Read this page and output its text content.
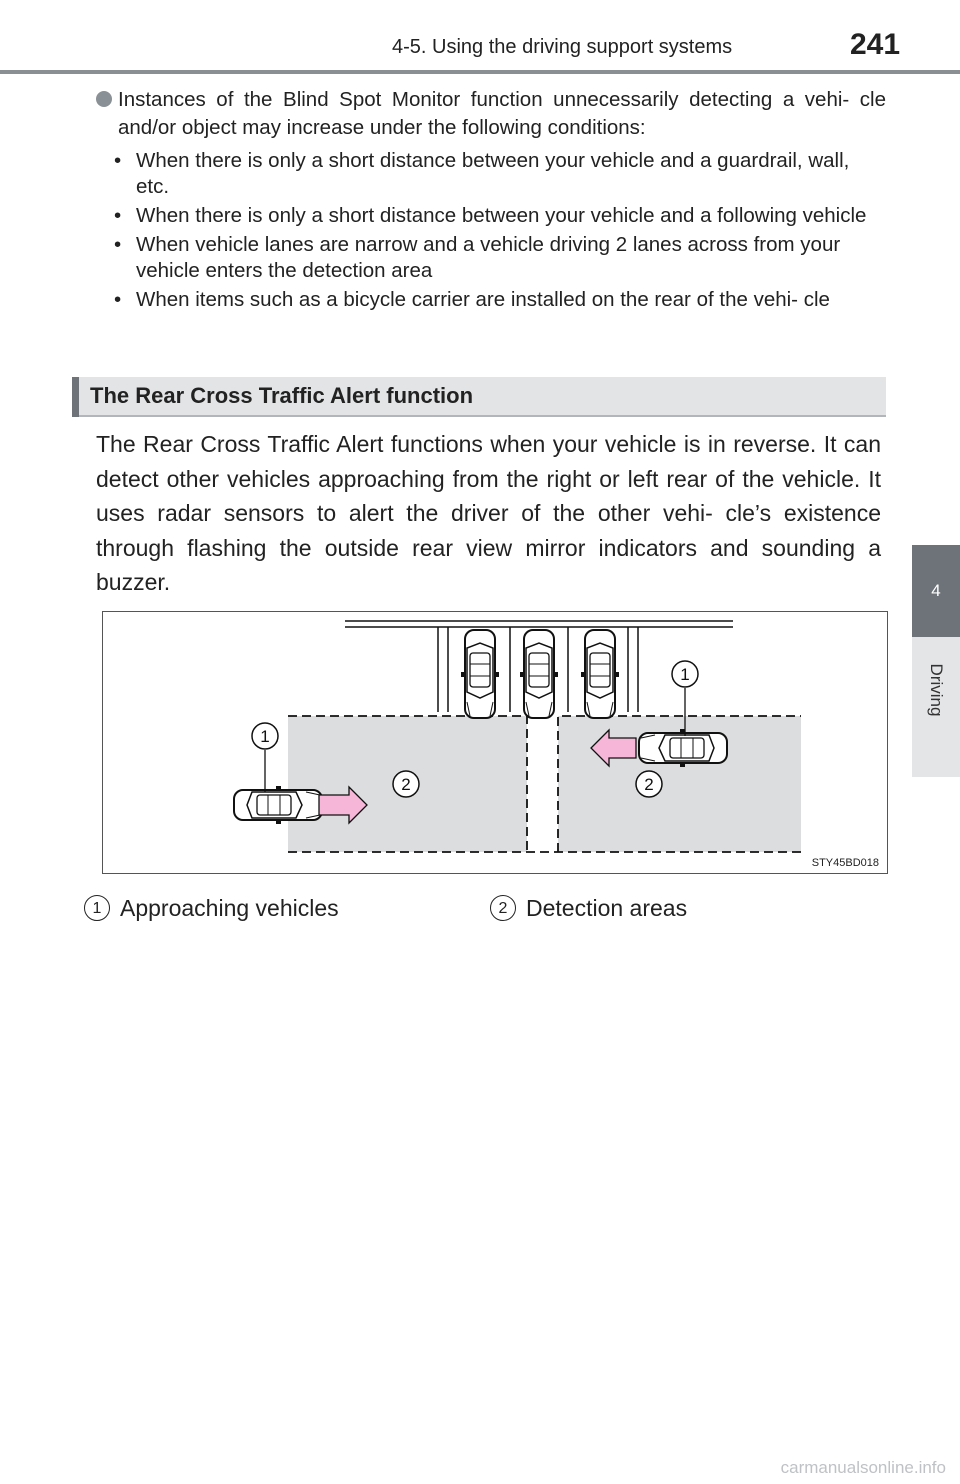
4-5. Using the driving support systems	241
4
Driving
Instances of the Blind Spot Monitor function unnecessarily detecting a vehi- cle and/or object may increase under the following conditions:
• When there is only a short distance between your vehicle and a guardrail, wall, etc.
• When there is only a short distance between your vehicle and a following vehicle
• When vehicle lanes are narrow and a vehicle driving 2 lanes across from your vehicle enters the detection area
• When items such as a bicycle carrier are installed on the rear of the vehi- cle
The Rear Cross Traffic Alert function
The Rear Cross Traffic Alert functions when your vehicle is in reverse. It can detect other vehicles approaching from the right or left rear of the vehicle. It uses radar sensors to alert the driver of the other vehi- cle’s existence through flashing the outside rear view mirror indicators and sounding a buzzer.
1
1
2	2
STY45BD018
1 Approaching vehicles	2 Detection areas
carmanualsonline.info
